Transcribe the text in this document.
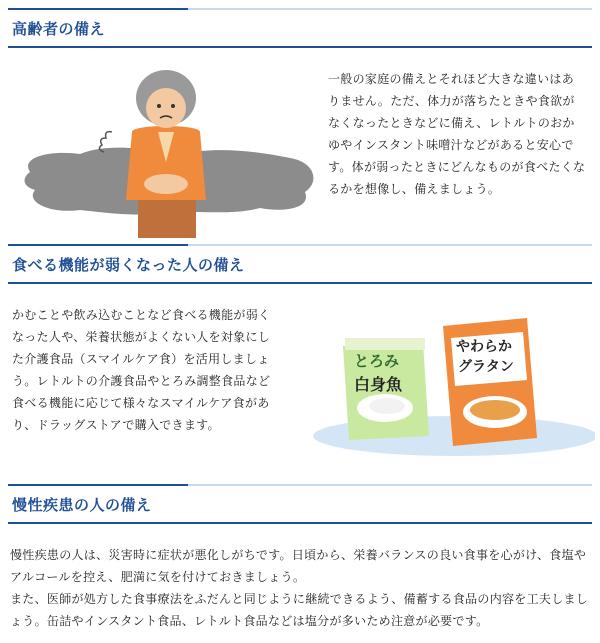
高齢者の備え
一般の家庭の備えとそれほど大きな違いはありません。ただ、体力が落ちたときや食欲がなくなったときなどに備え、レトルトのおかゆやインスタント味噌汁などがあると安心です。体が弱ったときにどんなものが食べたくなるかを想像し、備えましょう。
食べる機能が弱くなった人の備え
かむことや飲み込むことなど食べる機能が弱くなった人や、栄養状態がよくない人を対象にした介護食品（スマイルケア食）を活用しましょう。レトルトの介護食品やとろみ調整食品など食べる機能に応じて様々なスマイルケア食があり、ドラッグストアで購入できます。
とろみ
白身魚
やわらか
グラタン
慢性疾患の人の備え
慢性疾患の人は、災害時に症状が悪化しがちです。日頃から、栄養バランスの良い食事を心がけ、食塩やアルコールを控え、肥満に気を付けておきましょう。
また、医師が処方した食事療法をふだんと同じように継続できるよう、備蓄する食品の内容を工夫しましょう。缶詰やインスタント食品、レトルト食品などは塩分が多いため注意が必要です。
